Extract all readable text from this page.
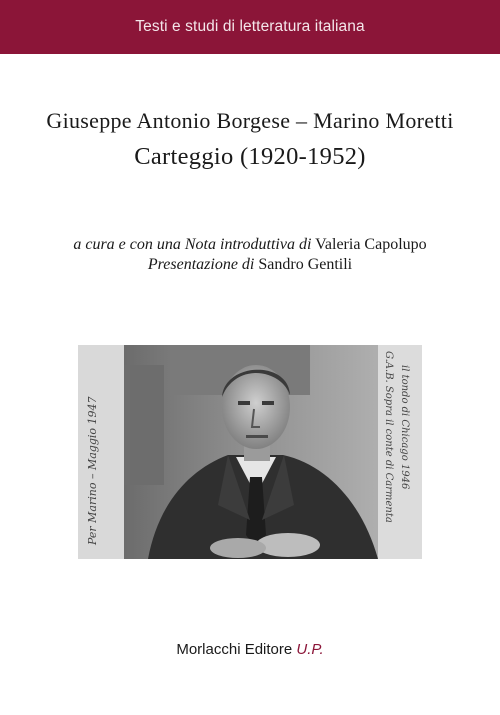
Testi e studi di letteratura italiana
Giuseppe Antonio Borgese – Marino Moretti
Carteggio (1920-1952)
a cura e con una Nota introduttiva di Valeria Capolupo
Presentazione di Sandro Gentili
Per Marino – Maggio 1947	G.A.B. Sopra il conte di Carmenta il tondo di Chicago 1946
Morlacchi Editore U.P.
